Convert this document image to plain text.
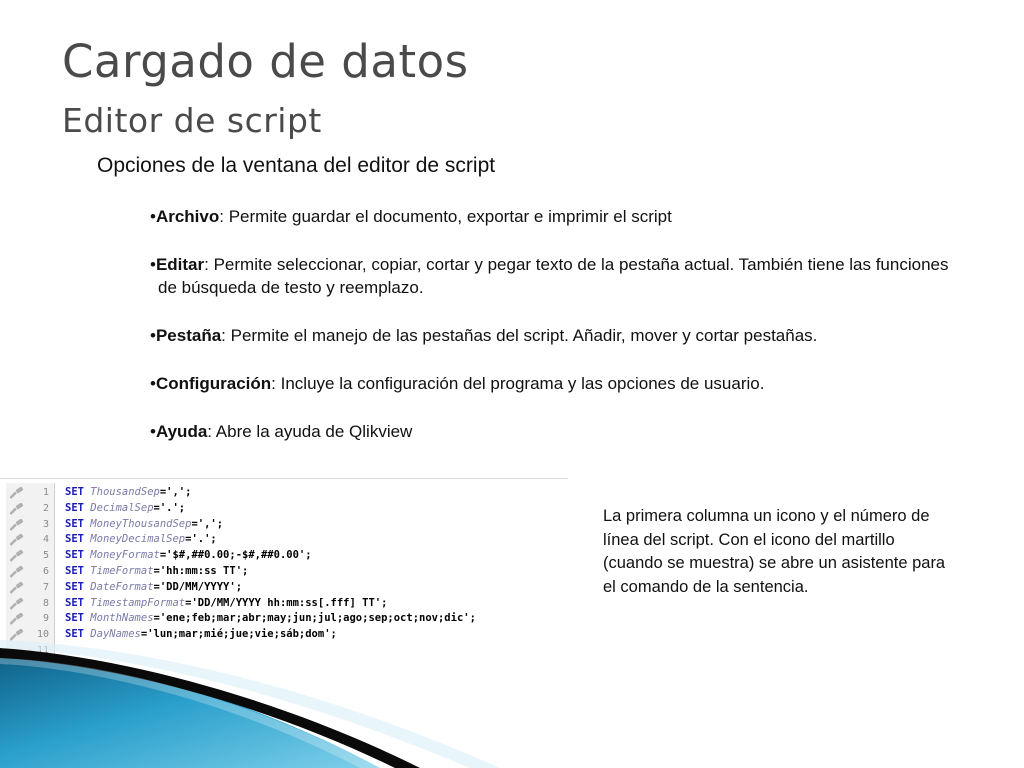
Cargado de datos
Editor de script
Opciones de la ventana del editor de script
•Archivo: Permite guardar el documento, exportar e imprimir el script
•Editar: Permite seleccionar, copiar, cortar y pegar texto de la pestaña actual. También tiene las funciones de búsqueda de testo y reemplazo.
•Pestaña: Permite el manejo de las pestañas del script. Añadir, mover y cortar pestañas.
•Configuración: Incluye la configuración del programa y las opciones de usuario.
•Ayuda: Abre la ayuda de Qlikview
1 SET ThousandSep=',';
2 SET DecimalSep='.';
3 SET MoneyThousandSep=',';
4 SET MoneyDecimalSep='.';
5 SET MoneyFormat='$#,##0.00;-$#,##0.00';
6 SET TimeFormat='hh:mm:ss TT';
7 SET DateFormat='DD/MM/YYYY';
8 SET TimestampFormat='DD/MM/YYYY hh:mm:ss[.fff] TT';
9 SET MonthNames='ene;feb;mar;abr;may;jun;jul;ago;sep;oct;nov;dic';
10 SET DayNames='lun;mar;mié;jue;vie;sáb;dom';
La primera columna un icono y el número de línea del script. Con el icono del martillo (cuando se muestra) se abre un asistente para el comando de la sentencia.
